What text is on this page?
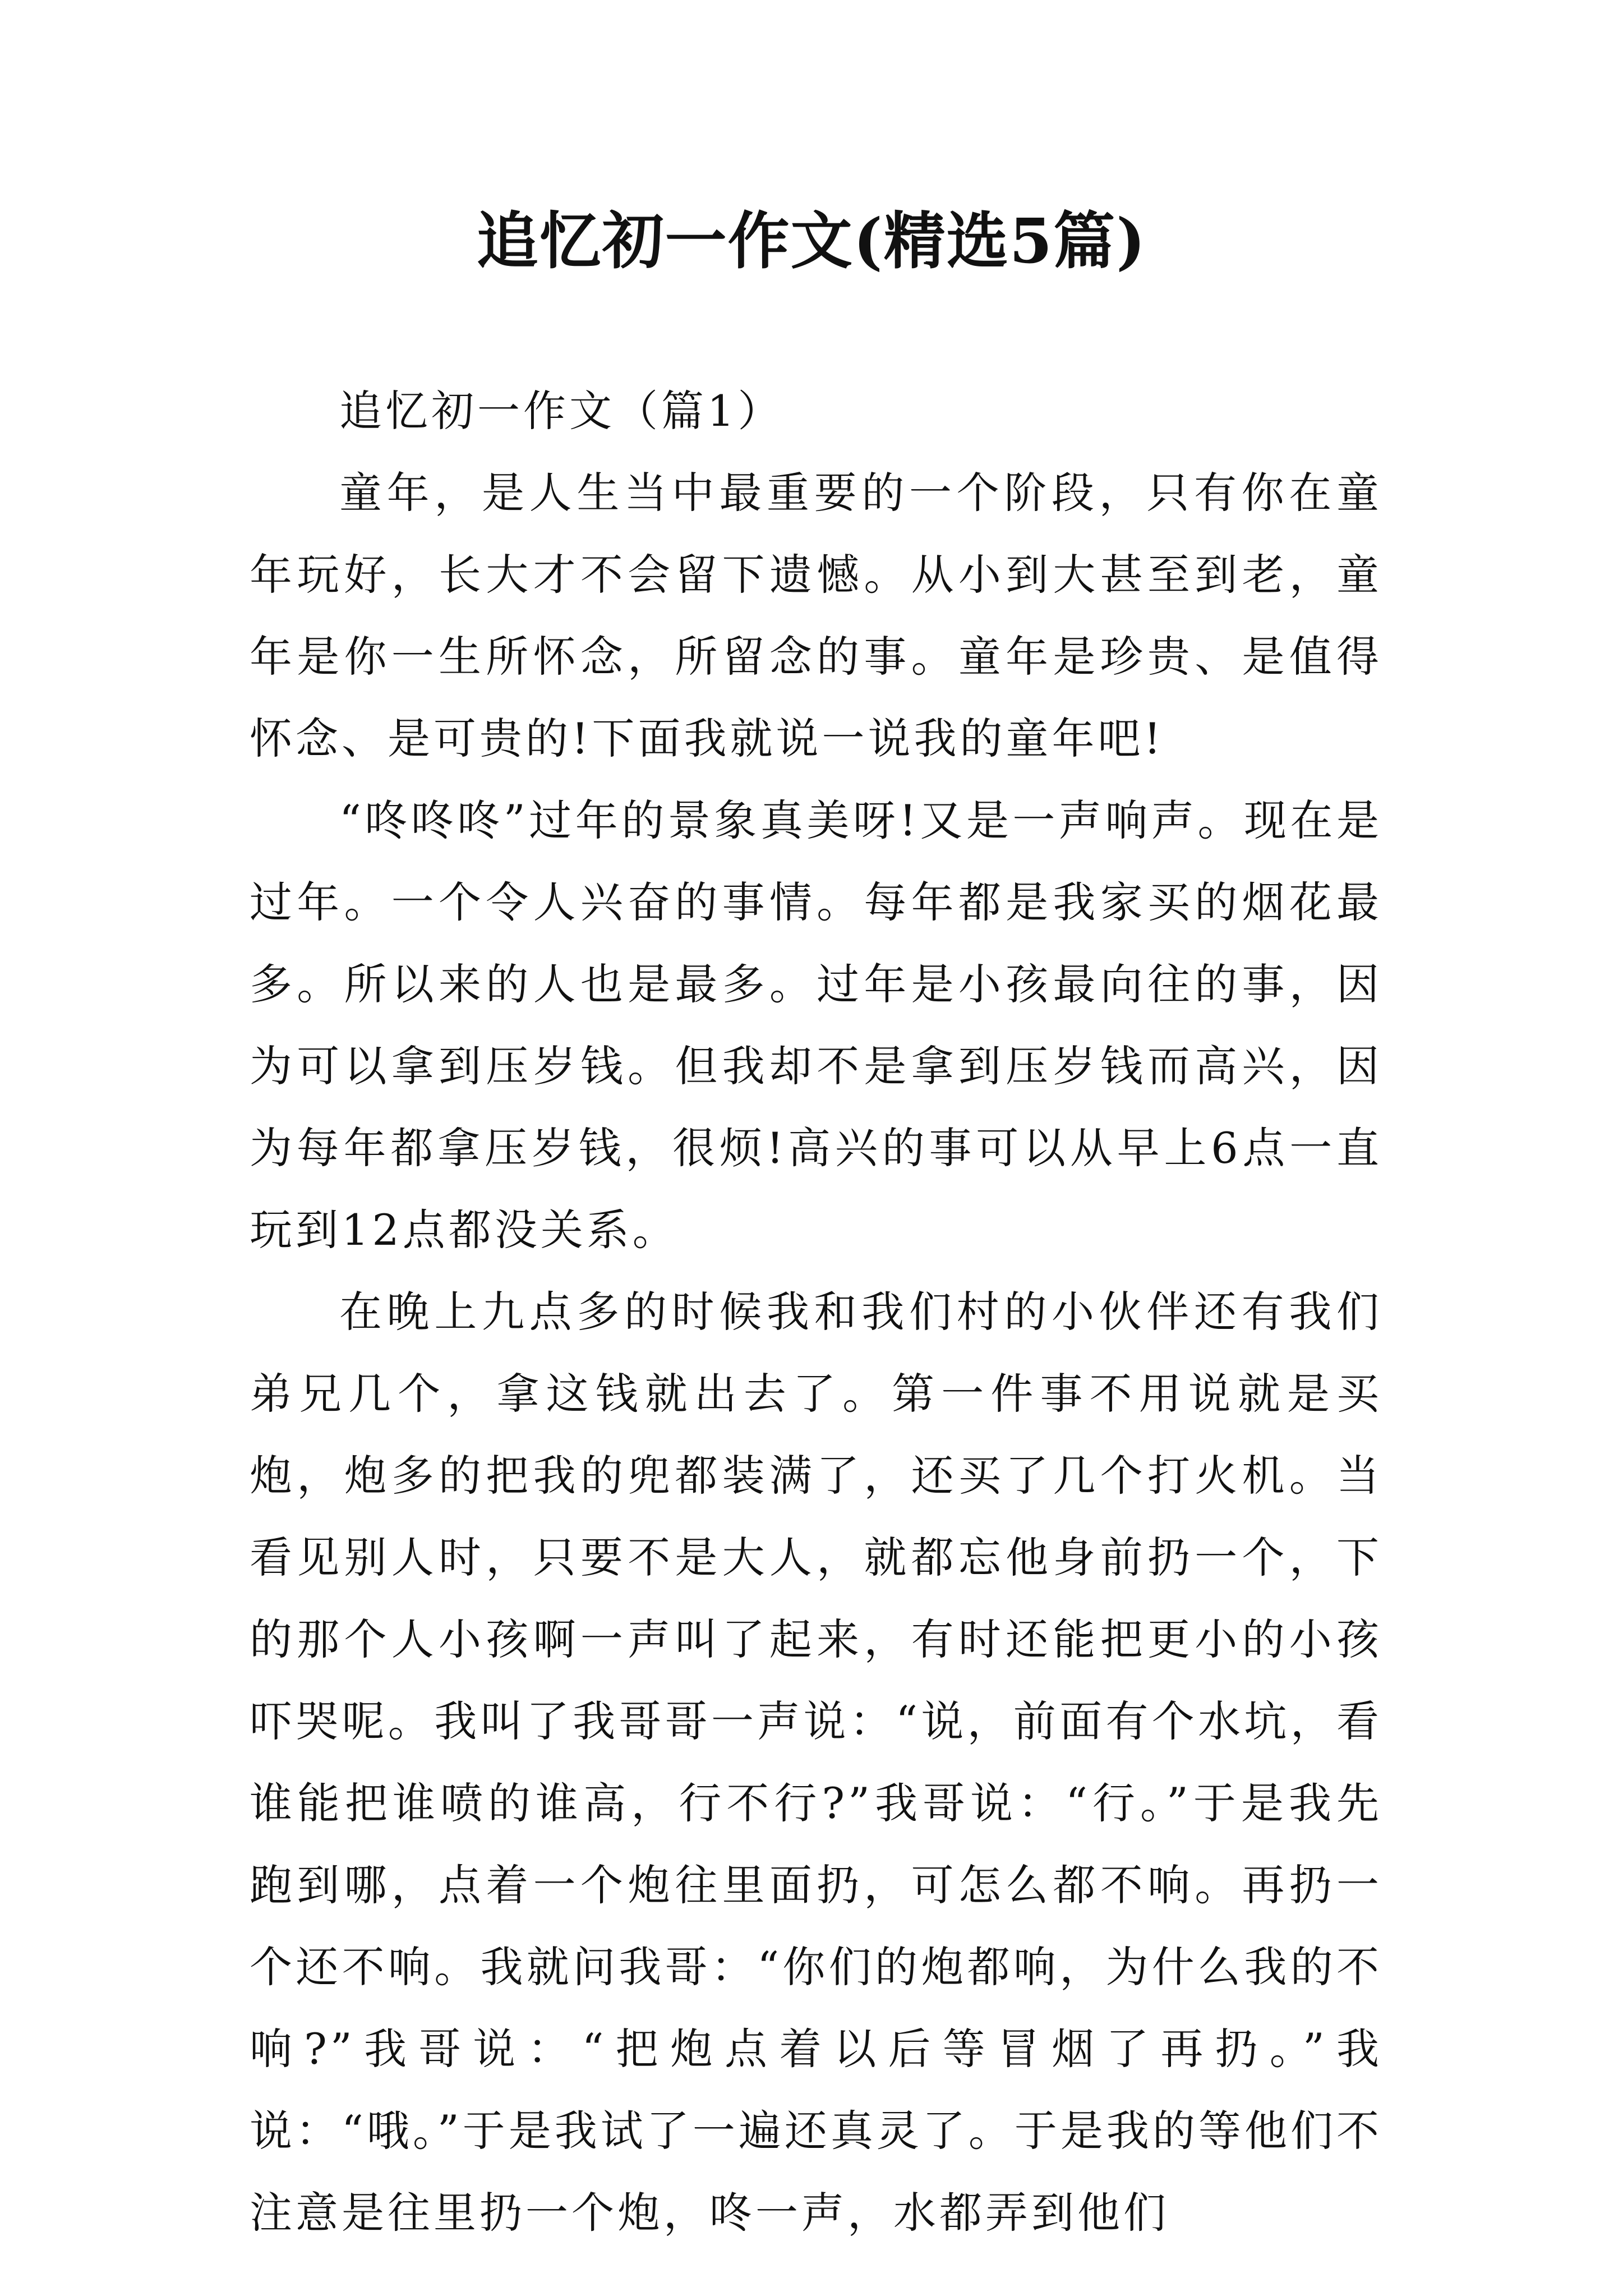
追忆初一作文(精选5篇)

追忆初一作文（篇1）

童年，是人生当中最重要的一个阶段，只有你在童年玩好，长大才不会留下遗憾。从小到大甚至到老，童年是你一生所怀念，所留念的事。童年是珍贵、是值得怀念、是可贵的!下面我就说一说我的童年吧!

“咚咚咚”过年的景象真美呀!又是一声响声。现在是过年。一个令人兴奋的事情。每年都是我家买的烟花最多。所以来的人也是最多。过年是小孩最向往的事，因为可以拿到压岁钱。但我却不是拿到压岁钱而高兴，因为每年都拿压岁钱，很烦!高兴的事可以从早上6点一直玩到12点都没关系。

在晚上九点多的时候我和我们村的小伙伴还有我们弟兄几个，拿这钱就出去了。第一件事不用说就是买炮，炮多的把我的兜都装满了，还买了几个打火机。当看见别人时，只要不是大人，就都忘他身前扔一个，下的那个人小孩啊一声叫了起来，有时还能把更小的小孩吓哭呢。我叫了我哥哥一声说：“说，前面有个水坑，看谁能把谁喷的谁高，行不行?”我哥说：“行。”于是我先跑到哪，点着一个炮往里面扔，可怎么都不响。再扔一个还不响。我就问我哥：“你们的炮都响，为什么我的不响?”我哥说：“把炮点着以后等冒烟了再扔。”我说：“哦。”于是我试了一遍还真灵了。于是我的等他们不注意是往里扔一个炮，咚一声，水都弄到他们
